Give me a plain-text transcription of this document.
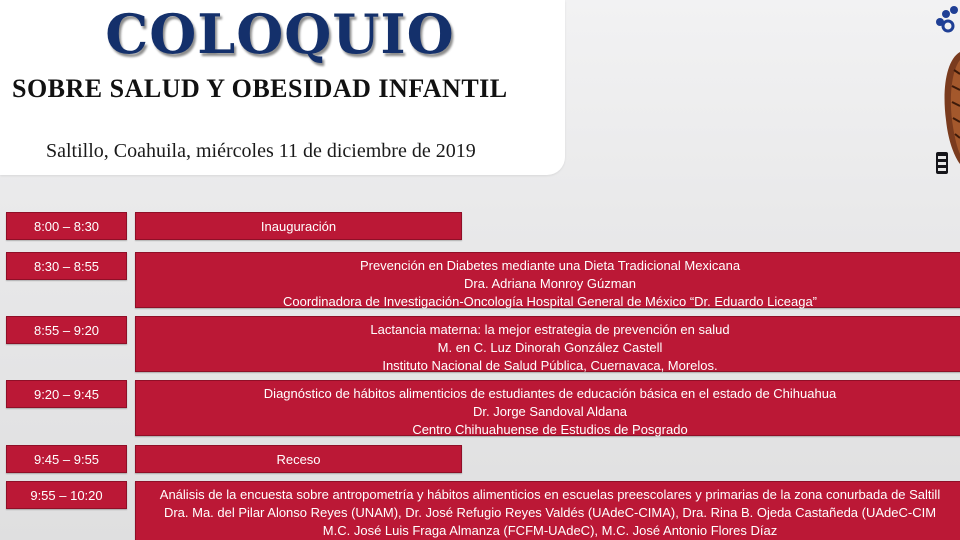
COLOQUIO
SOBRE SALUD Y OBESIDAD INFANTIL

Saltillo, Coahuila, miércoles 11 de diciembre de 2019

8:00 – 8:30	Inauguración
8:30 – 8:55	Prevención en Diabetes mediante una Dieta Tradicional Mexicana
Dra. Adriana Monroy Gúzman
Coordinadora de Investigación-Oncología Hospital General de México “Dr. Eduardo Liceaga”
8:55 – 9:20	Lactancia materna: la mejor estrategia de prevención en salud
M. en C. Luz Dinorah González Castell
Instituto Nacional de Salud Pública, Cuernavaca, Morelos.
9:20 – 9:45	Diagnóstico de hábitos alimenticios de estudiantes de educación básica en el estado de Chihuahua
Dr. Jorge Sandoval Aldana
Centro Chihuahuense de Estudios de Posgrado
9:45 – 9:55	Receso
9:55 – 10:20	Análisis de la encuesta sobre antropometría y hábitos alimenticios en escuelas preescolares y primarias de la zona conurbada de Saltill
Dra. Ma. del Pilar Alonso Reyes (UNAM), Dr. José Refugio Reyes Valdés (UAdeC-CIMA), Dra. Rina B. Ojeda Castañeda (UAdeC-CIM
M.C. José Luis Fraga Almanza (FCFM-UAdeC), M.C. José Antonio Flores Díaz
